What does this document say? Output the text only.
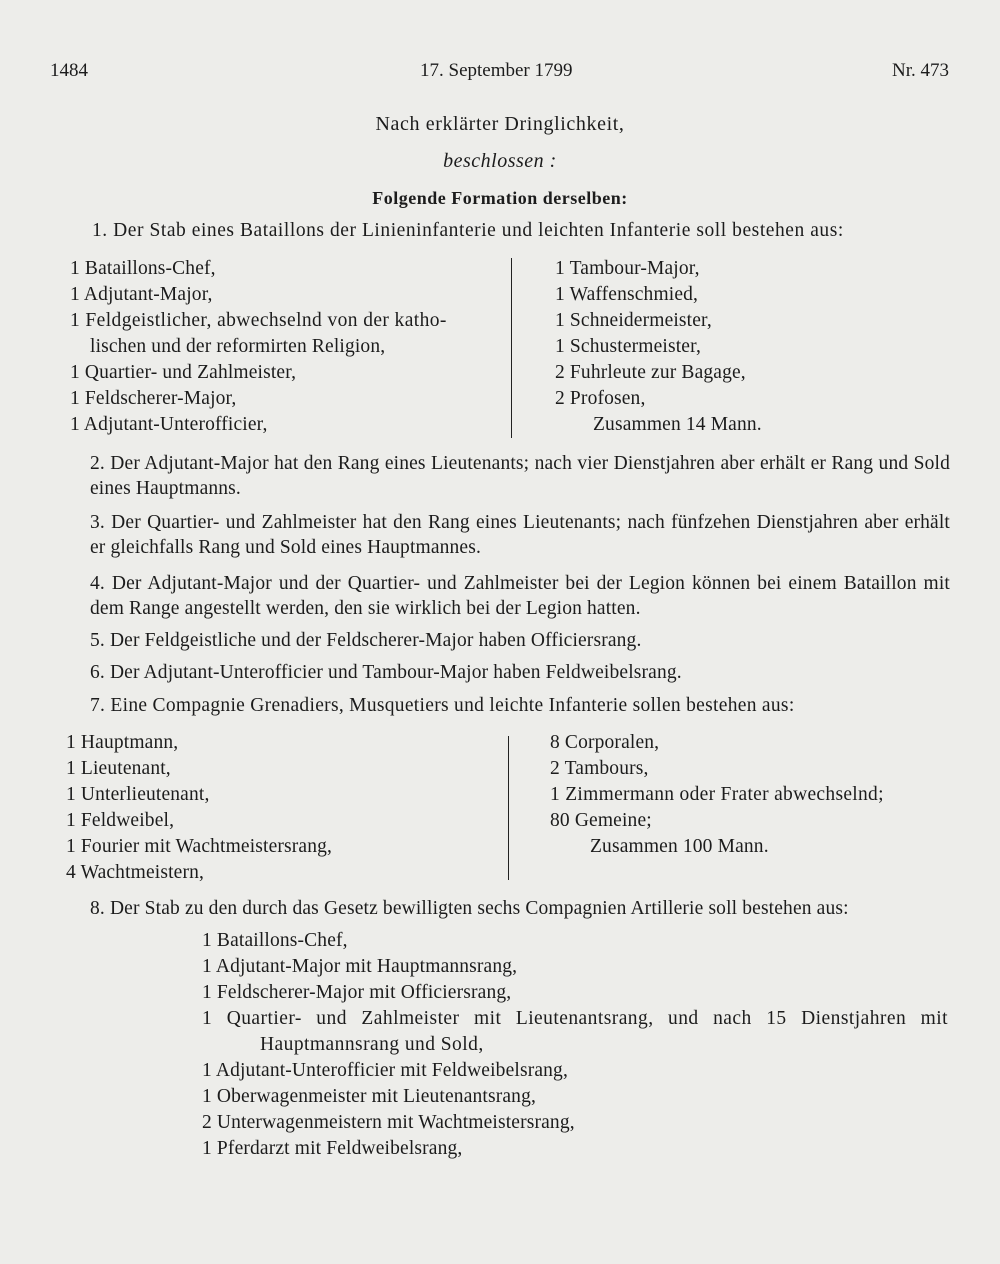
1484	17. September 1799	Nr. 473
Nach erklärter Dringlichkeit,
beschlossen :
Folgende Formation derselben:
1. Der Stab eines Bataillons der Linieninfanterie und leichten Infanterie soll bestehen aus:
1 Bataillons-Chef,
1 Adjutant-Major,
1 Feldgeistlicher, abwechselnd von der katho-
lischen und der reformirten Religion,
1 Quartier- und Zahlmeister,
1 Feldscherer-Major,
1 Adjutant-Unterofficier,
1 Tambour-Major,
1 Waffenschmied,
1 Schneidermeister,
1 Schustermeister,
2 Fuhrleute zur Bagage,
2 Profosen,
Zusammen 14 Mann.
2. Der Adjutant-Major hat den Rang eines Lieutenants; nach vier Dienstjahren aber erhält er Rang und Sold eines Hauptmanns.
3. Der Quartier- und Zahlmeister hat den Rang eines Lieutenants; nach fünfzehen Dienstjahren aber erhält er gleichfalls Rang und Sold eines Hauptmannes.
4. Der Adjutant-Major und der Quartier- und Zahlmeister bei der Legion können bei einem Bataillon mit dem Range angestellt werden, den sie wirklich bei der Legion hatten.
5. Der Feldgeistliche und der Feldscherer-Major haben Officiersrang.
6. Der Adjutant-Unterofficier und Tambour-Major haben Feldweibelsrang.
7. Eine Compagnie Grenadiers, Musquetiers und leichte Infanterie sollen bestehen aus:
1 Hauptmann,
1 Lieutenant,
1 Unterlieutenant,
1 Feldweibel,
1 Fourier mit Wachtmeistersrang,
4 Wachtmeistern,
8 Corporalen,
2 Tambours,
1 Zimmermann oder Frater abwechselnd;
80 Gemeine;
Zusammen 100 Mann.
8. Der Stab zu den durch das Gesetz bewilligten sechs Compagnien Artillerie soll bestehen aus:
1 Bataillons-Chef,
1 Adjutant-Major mit Hauptmannsrang,
1 Feldscherer-Major mit Officiersrang,
1 Quartier- und Zahlmeister mit Lieutenantsrang, und nach 15 Dienstjahren mit Hauptmannsrang und Sold,
1 Adjutant-Unterofficier mit Feldweibelsrang,
1 Oberwagenmeister mit Lieutenantsrang,
2 Unterwagenmeistern mit Wachtmeistersrang,
1 Pferdarzt mit Feldweibelsrang,
